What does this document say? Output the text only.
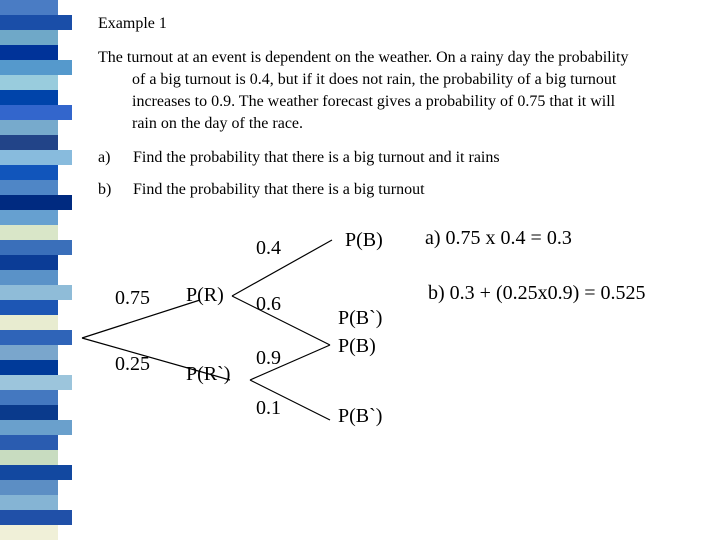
Example 1
The turnout at an event is dependent on the weather. On a rainy day the probability
of a big turnout is 0.4, but if it does not rain, the probability of a big turnout
increases to 0.9. The weather forecast gives a probability of 0.75 that it will
rain on the day of the race.
a) Find the probability that there is a big turnout and it rains
b) Find the probability that there is a big turnout
0.75 P(R)
0.25 P(R`)
0.4	P(B)
0.6
P(B`)
0.9
P(B)
0.1	P(B`)
a) 0.75 x 0.4 = 0.3
b) 0.3 + (0.25x0.9) = 0.525
